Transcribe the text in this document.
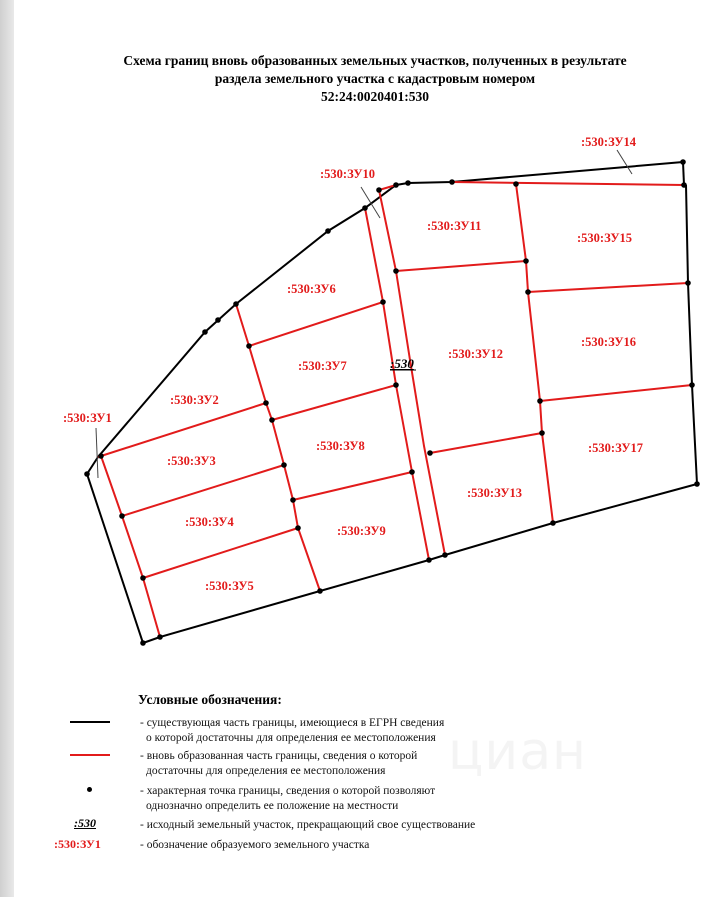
Схема границ вновь образованных земельных участков, полученных в результате
раздела земельного участка с кадастровым номером
52:24:0020401:530
:530:ЗУ1
:530:ЗУ2
:530:ЗУ3
:530:ЗУ4
:530:ЗУ5
:530:ЗУ6
:530:ЗУ7
:530:ЗУ8
:530:ЗУ9
:530:ЗУ10
:530:ЗУ11
:530:ЗУ12
:530:ЗУ13
:530:ЗУ14
:530:ЗУ15
:530:ЗУ16
:530:ЗУ17
:530
Условные обозначения:
- существующая часть границы, имеющиеся в ЕГРН сведения
о которой достаточны для определения ее местоположения
- вновь образованная часть границы, сведения о которой
достаточны для определения ее местоположения
- характерная точка границы, сведения о которой позволяют
однозначно определить ее положение на местности
:530	- исходный земельный участок, прекращающий свое существование
:530:ЗУ1	- обозначение образуемого земельного участка
циан
